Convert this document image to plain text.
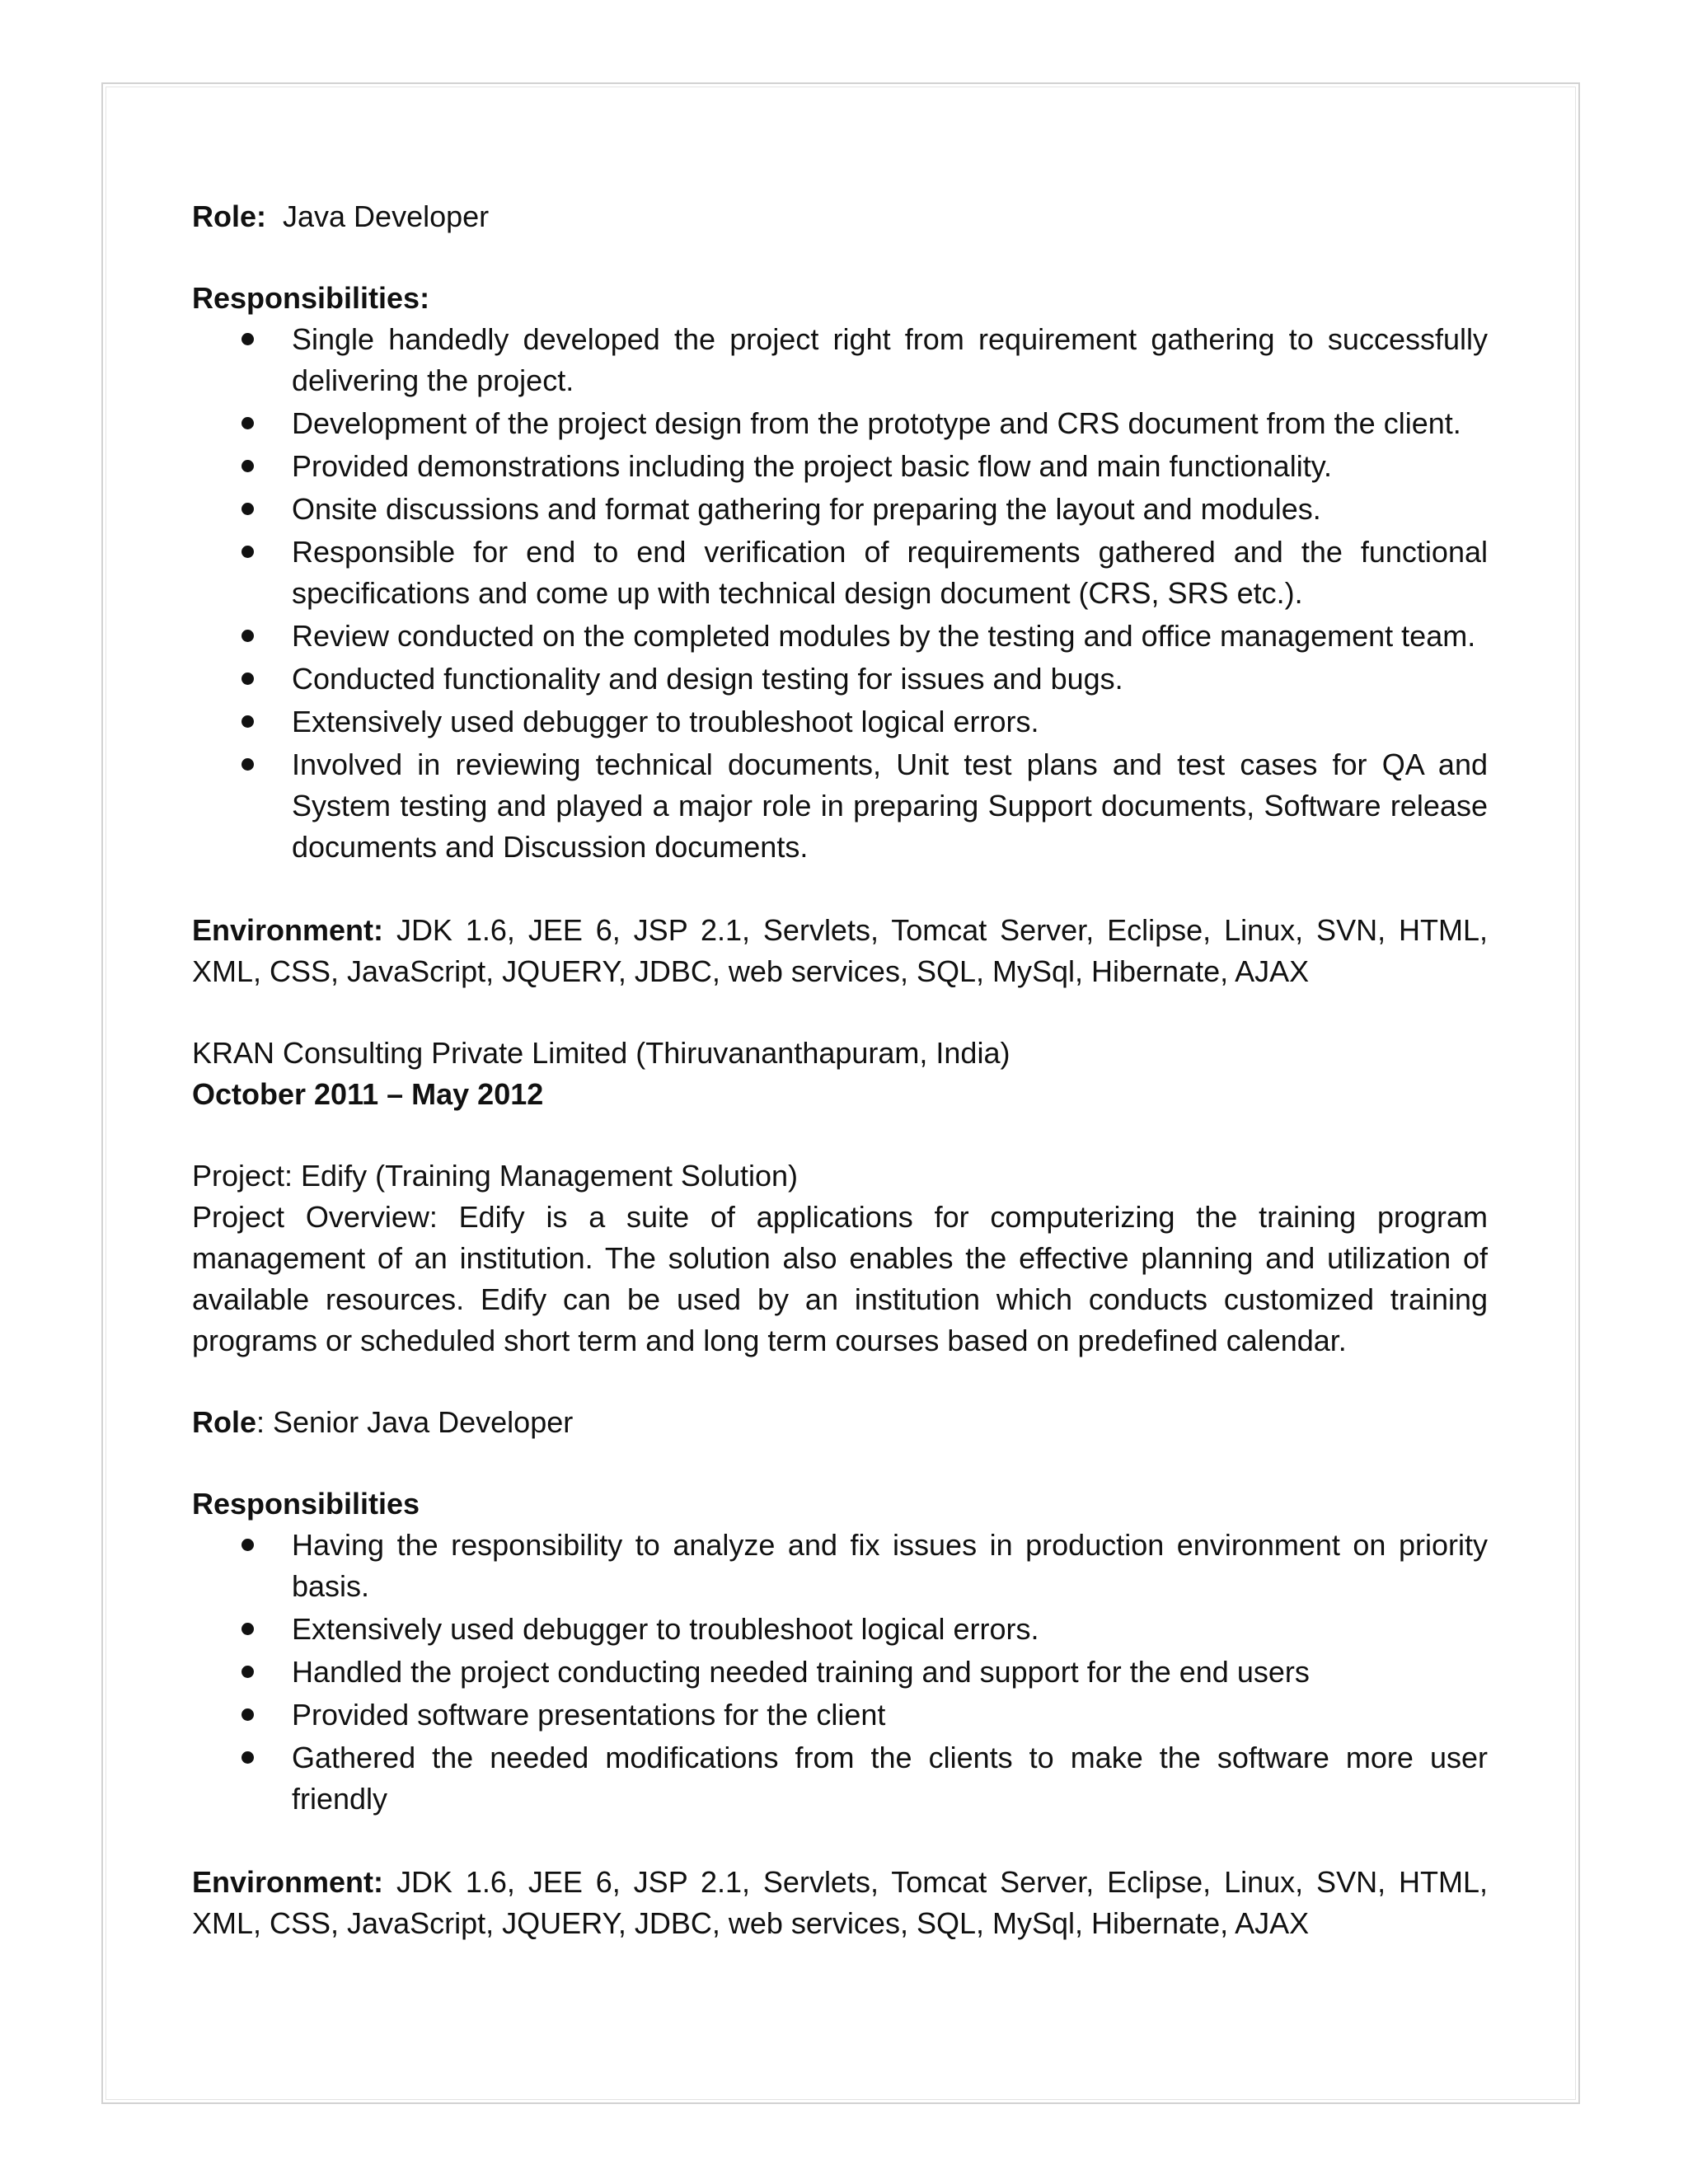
Role: Java Developer

Responsibilities:

Single handedly developed the project right from requirement gathering to successfully delivering the project.
Development of the project design from the prototype and CRS document from the client.
Provided demonstrations including the project basic flow and main functionality.
Onsite discussions and format gathering for preparing the layout and modules.
Responsible for end to end verification of requirements gathered and the functional specifications and come up with technical design document (CRS, SRS etc.).
Review conducted on the completed modules by the testing and office management team.
Conducted functionality and design testing for issues and bugs.
Extensively used debugger to troubleshoot logical errors.
Involved in reviewing technical documents, Unit test plans and test cases for QA and System testing and played a major role in preparing Support documents, Software release documents and Discussion documents.

Environment: JDK 1.6, JEE 6, JSP 2.1, Servlets, Tomcat Server, Eclipse, Linux, SVN, HTML, XML, CSS, JavaScript, JQUERY, JDBC, web services, SQL, MySql, Hibernate, AJAX

KRAN Consulting Private Limited (Thiruvananthapuram, India)

October 2011 – May 2012

Project: Edify (Training Management Solution)

Project Overview: Edify is a suite of applications for computerizing the training program management of an institution. The solution also enables the effective planning and utilization of available resources. Edify can be used by an institution which conducts customized training programs or scheduled short term and long term courses based on predefined calendar.

Role: Senior Java Developer

Responsibilities

Having the responsibility to analyze and fix issues in production environment on priority basis.
Extensively used debugger to troubleshoot logical errors.
Handled the project conducting needed training and support for the end users
Provided software presentations for the client
Gathered the needed modifications from the clients to make the software more user friendly

Environment: JDK 1.6, JEE 6, JSP 2.1, Servlets, Tomcat Server, Eclipse, Linux, SVN, HTML, XML, CSS, JavaScript, JQUERY, JDBC, web services, SQL, MySql, Hibernate, AJAX
